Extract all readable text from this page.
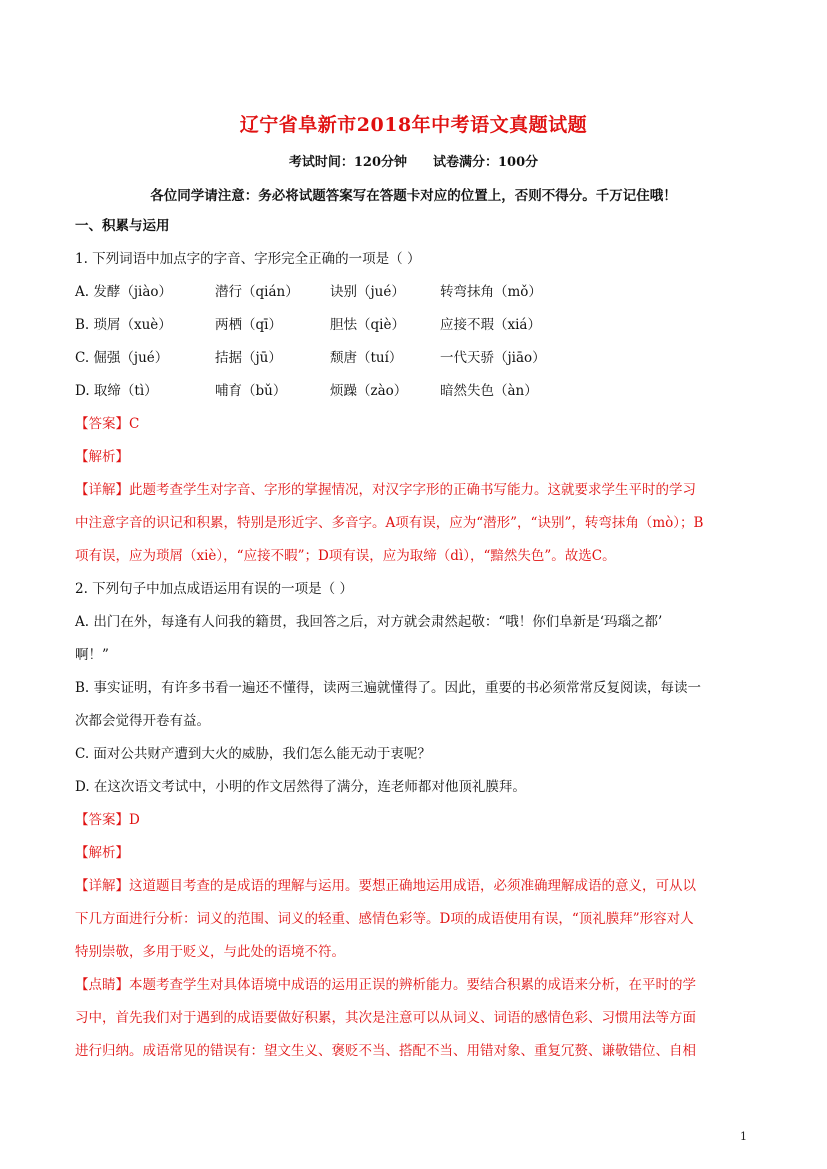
辽宁省阜新市2018年中考语文真题试题
考试时间：120分钟 试卷满分：100分
各位同学请注意：务必将试题答案写在答题卡对应的位置上，否则不得分。千万记住哦！
一、积累与运用
1. 下列词语中加点字的字音、字形完全正确的一项是（ ）
A. 发酵（jiào）	潜行（qián）	诀别（jué）	转弯抹角（mǒ）
B. 琐屑（xuè）	两栖（qī）	胆怯（qiè）	应接不瑕（xiá）
C. 倔强（jué）	拮据（jū）	颓唐（tuí）	一代天骄（jiāo）
D. 取缔（tì）	哺育（bǔ）	烦躁（zào）	暗然失色（àn）
【答案】C
【解析】
【详解】此题考查学生对字音、字形的掌握情况，对汉字字形的正确书写能力。这就要求学生平时的学习
中注意字音的识记和积累，特别是形近字、多音字。A项有误，应为“潜形”，“诀别”，转弯抹角（mò）；B
项有误，应为琐屑（xiè），“应接不暇”；D项有误，应为取缔（dì），“黯然失色”。故选C。
2. 下列句子中加点成语运用有误的一项是（ ）
A. 出门在外，每逢有人问我的籍贯，我回答之后，对方就会肃然起敬：“哦！你们阜新是‘玛瑙之都’
啊！”
B. 事实证明，有许多书看一遍还不懂得，读两三遍就懂得了。因此，重要的书必须常常反复阅读，每读一
次都会觉得开卷有益。
C. 面对公共财产遭到大火的威胁，我们怎么能无动于衷呢？
D. 在这次语文考试中，小明的作文居然得了满分，连老师都对他顶礼膜拜。
【答案】D
【解析】
【详解】这道题目考查的是成语的理解与运用。要想正确地运用成语，必须准确理解成语的意义，可从以
下几方面进行分析：词义的范围、词义的轻重、感情色彩等。D项的成语使用有误，“顶礼膜拜”形容对人
特别崇敬，多用于贬义，与此处的语境不符。
【点睛】本题考查学生对具体语境中成语的运用正误的辨析能力。要结合积累的成语来分析，在平时的学
习中，首先我们对于遇到的成语要做好积累，其次是注意可以从词义、词语的感情色彩、习惯用法等方面
进行归纳。成语常见的错误有：望文生义、褒贬不当、搭配不当、用错对象、重复冗赘、谦敬错位、自相
1
